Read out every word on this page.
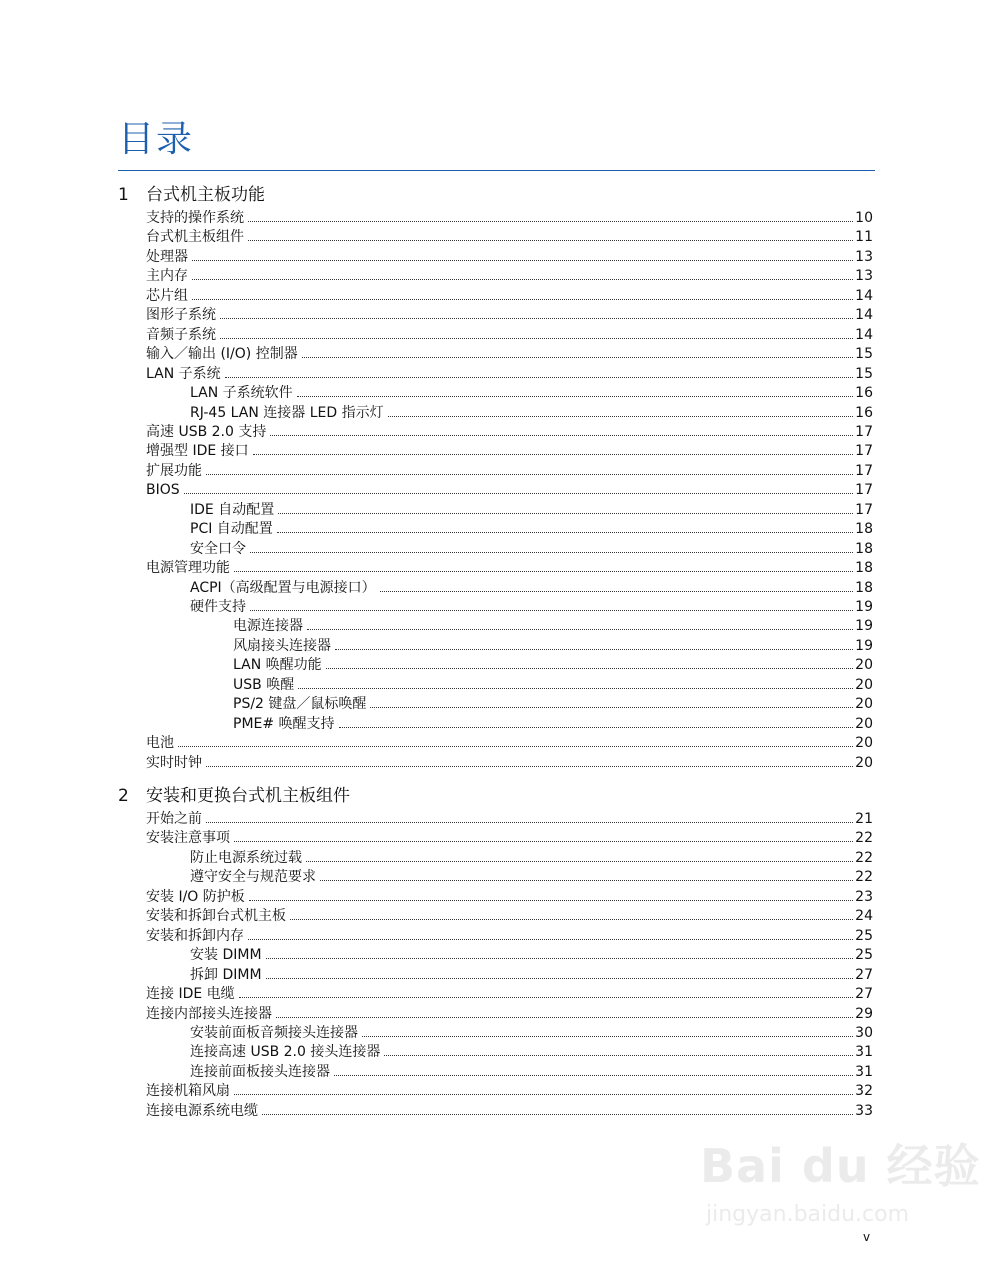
目录
1 台式机主板功能
支持的操作系统	10
台式机主板组件	11
处理器	13
主内存	13
芯片组	14
图形子系统	14
音频子系统	14
输入／输出 (I/O) 控制器	15
LAN 子系统	15
LAN 子系统软件	16
RJ-45 LAN 连接器 LED 指示灯	16
高速 USB 2.0 支持	17
增强型 IDE 接口	17
扩展功能	17
BIOS	17
IDE 自动配置	17
PCI 自动配置	18
安全口令	18
电源管理功能	18
ACPI（高级配置与电源接口）	18
硬件支持	19
电源连接器	19
风扇接头连接器	19
LAN 唤醒功能	20
USB 唤醒	20
PS/2 键盘／鼠标唤醒	20
PME# 唤醒支持	20
电池	20
实时时钟	20
2 安装和更换台式机主板组件
开始之前	21
安装注意事项	22
防止电源系统过载	22
遵守安全与规范要求	22
安装 I/O 防护板	23
安装和拆卸台式机主板	24
安装和拆卸内存	25
安装 DIMM	25
拆卸 DIMM	27
连接 IDE 电缆	27
连接内部接头连接器	29
安装前面板音频接头连接器	30
连接高速 USB 2.0 接头连接器	31
连接前面板接头连接器	31
连接机箱风扇	32
连接电源系统电缆	33
v
Bai du 经验
jingyan.baidu.com
